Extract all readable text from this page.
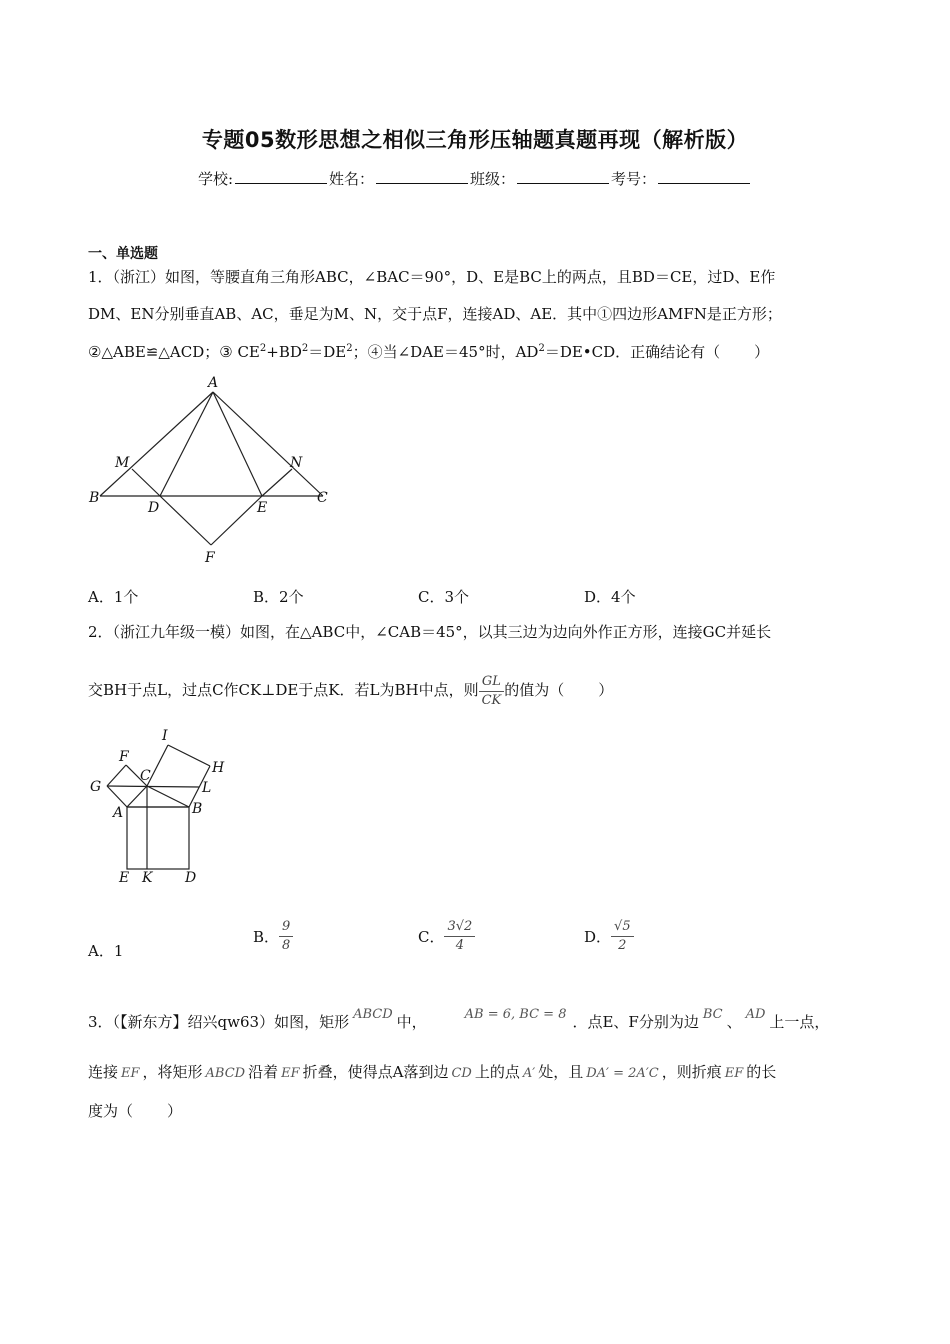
专题05数形思想之相似三角形压轴题真题再现（解析版）
学校:	姓名：	班级：	考号：
一、单选题
1．（浙江）如图，等腰直角三角形ABC，∠BAC＝90°，D、E是BC上的两点，且BD＝CE，过D、E作
DM、EN分别垂直AB、AC，垂足为M、N，交于点F，连接AD、AE．其中①四边形AMFN是正方形；
②△ABE≌△ACD；③ $CE^2+BD^2=DE^2$；④当∠DAE＝45°时，$AD^2=DE•CD$．正确结论有（ ）
A
M	N
B
D	E
C
F
A．1个	B．2个	C．3个	D．4个
2．（浙江九年级一模）如图，在△ABC中，∠CAB＝45°，以其三边为边向外作正方形，连接GC并延长
交BH于点L，过点C作CK⊥DE于点K．若L为BH中点，则 $\frac{GL}{CK}$ 的值为（ ）
I
F
H
G
C
L
A	B
E K D
A．1
B． $\frac{9}{8}$	C． $\frac{3√2}{4}$	D． $\frac{√5}{2}$
3．（【新东方】绍兴qw63）如图，矩形 ABCD 中，	AB = 6, BC = 8 ．点E、F分别为边 BC 、 AD 上一点，
连接 EF ，将矩形 ABCD 沿着 EF 折叠，使得点A落到边 CD 上的点 A′ 处，且 DA′ = 2A′C ，则折痕 EF 的长
度为（ ）
